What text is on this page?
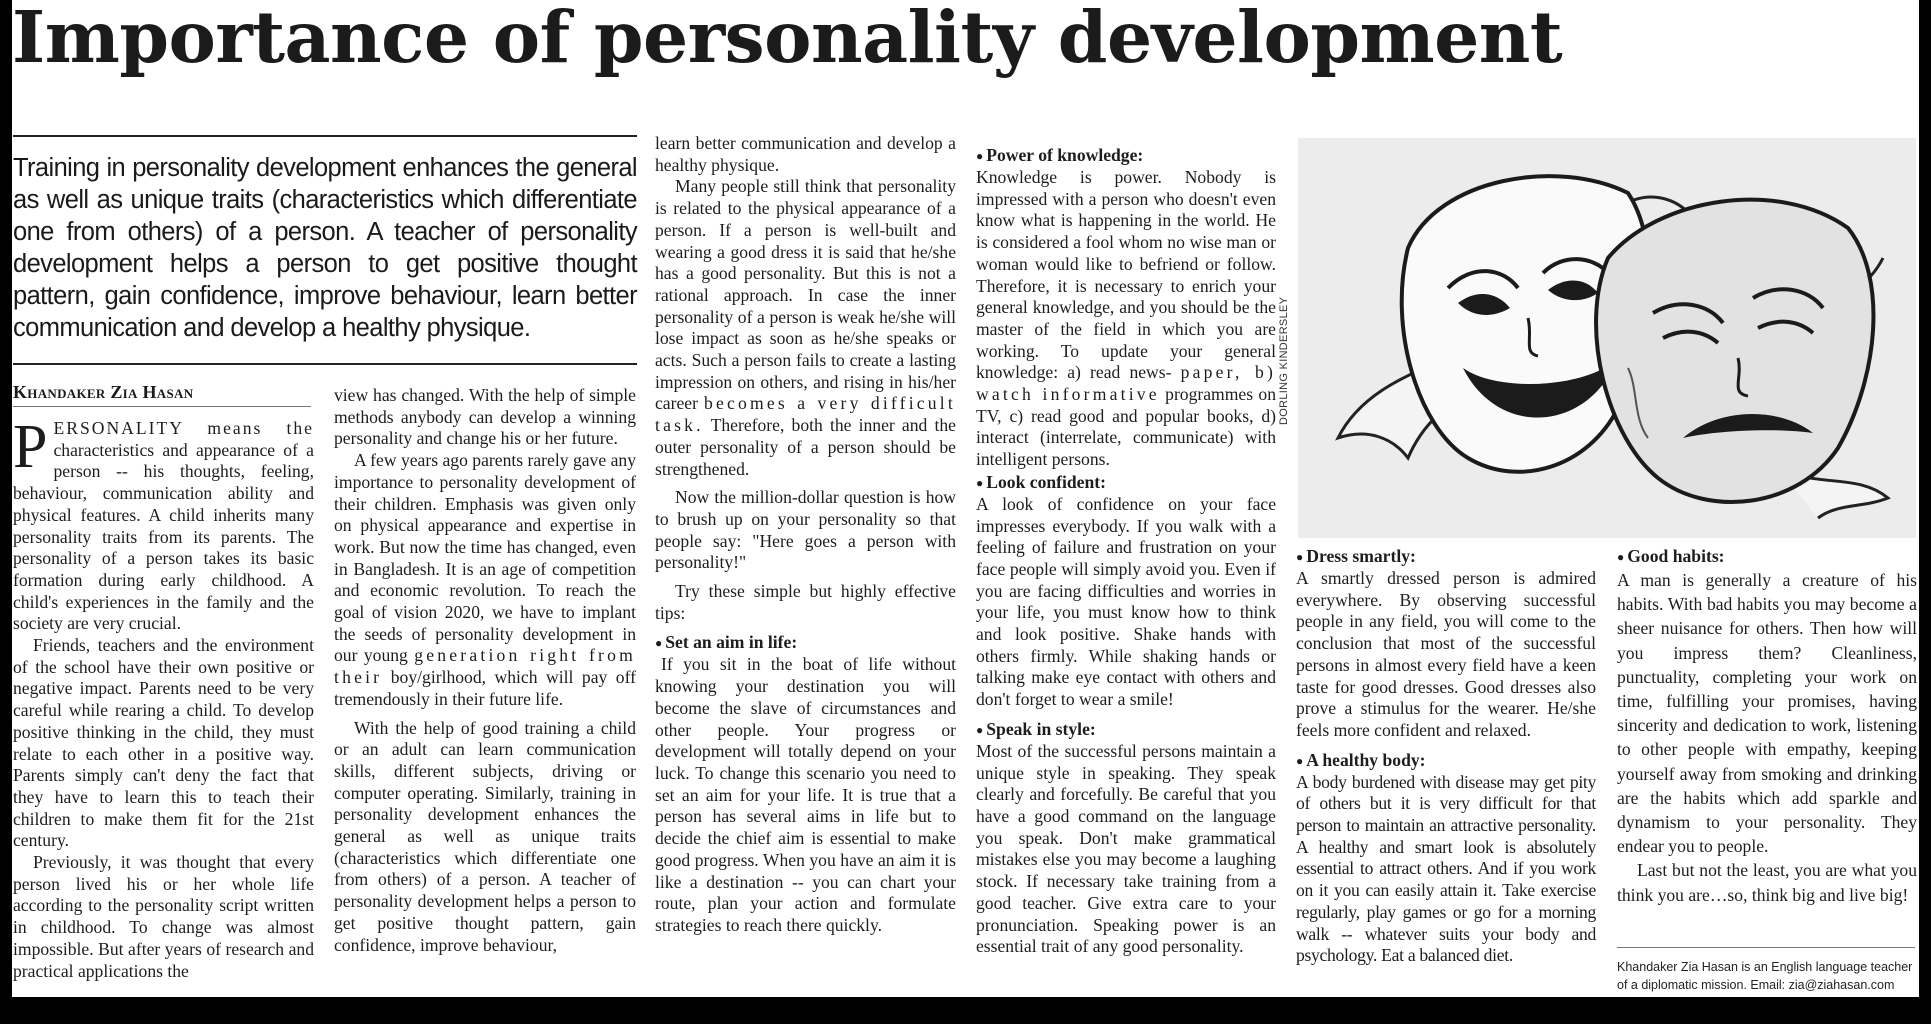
Importance of personality development

Training in personality development enhances the general as well as unique traits (characteristics which differentiate one from others) of a person. A teacher of personality development helps a person to get positive thought pattern, gain confidence, improve behaviour, learn better communication and develop a healthy physique.

Khandaker Zia Hasan

PERSONALITY means the characteristics and appearance of a person -- his thoughts, feeling, behaviour, communication ability and physical features. A child inherits many personality traits from its parents. The personality of a person takes its basic formation during early childhood. A child's experiences in the family and the society are very crucial.

Friends, teachers and the environment of the school have their own positive or negative impact. Parents need to be very careful while rearing a child. To develop positive thinking in the child, they must relate to each other in a positive way. Parents simply can't deny the fact that they have to learn this to teach their children to make them fit for the 21st century.

Previously, it was thought that every person lived his or her whole life according to the personality script written in childhood. To change was almost impossible. But after years of research and practical applications the

view has changed. With the help of simple methods anybody can develop a winning personality and change his or her future.

A few years ago parents rarely gave any importance to personality development of their children. Emphasis was given only on physical appearance and expertise in work. But now the time has changed, even in Bangladesh. It is an age of competition and economic revolution. To reach the goal of vision 2020, we have to implant the seeds of personality development in our young generation right from their boy/girlhood, which will pay off tremendously in their future life.

With the help of good training a child or an adult can learn communication skills, different subjects, driving or computer operating. Similarly, training in personality development enhances the general as well as unique traits (characteristics which differentiate one from others) of a person. A teacher of personality development helps a person to get positive thought pattern, gain confidence, improve behaviour,

learn better communication and develop a healthy physique.

Many people still think that personality is related to the physical appearance of a person. If a person is well-built and wearing a good dress it is said that he/she has a good personality. But this is not a rational approach. In case the inner personality of a person is weak he/she will lose impact as soon as he/she speaks or acts. Such a person fails to create a lasting impression on others, and rising in his/her career becomes a very difficult task. Therefore, both the inner and the outer personality of a person should be strengthened.

Now the million-dollar question is how to brush up on your personality so that people say: "Here goes a person with personality!"

Try these simple but highly effective tips:

● Set an aim in life:

If you sit in the boat of life without knowing your destination you will become the slave of circumstances and other people. Your progress or development will totally depend on your luck. To change this scenario you need to set an aim for your life. It is true that a person has several aims in life but to decide the chief aim is essential to make good progress. When you have an aim it is like a destination -- you can chart your route, plan your action and formulate strategies to reach there quickly.

● Power of knowledge:

Knowledge is power. Nobody is impressed with a person who doesn't even know what is happening in the world. He is considered a fool whom no wise man or woman would like to befriend or follow. Therefore, it is necessary to enrich your general knowledge, and you should be the master of the field in which you are working. To update your general knowledge: a) read news- paper, b) watch informative programmes on TV, c) read good and popular books, d) interact (interrelate, communicate) with intelligent persons.

● Look confident:

A look of confidence on your face impresses everybody. If you walk with a feeling of failure and frustration on your face people will simply avoid you. Even if you are facing difficulties and worries in your life, you must know how to think and look positive. Shake hands with others firmly. While shaking hands or talking make eye contact with others and don't forget to wear a smile!

● Speak in style:

Most of the successful persons maintain a unique style in speaking. They speak clearly and forcefully. Be careful that you have a good command on the language you speak. Don't make grammatical mistakes else you may become a laughing stock. If necessary take training from a good teacher. Give extra care to your pronunciation. Speaking power is an essential trait of any good personality.

DORLING KINDERSLEY
● Dress smartly:

A smartly dressed person is admired everywhere. By observing successful people in any field, you will come to the conclusion that most of the successful persons in almost every field have a keen taste for good dresses. Good dresses also prove a stimulus for the wearer. He/she feels more confident and relaxed.

● A healthy body:

A body burdened with disease may get pity of others but it is very difficult for that person to maintain an attractive personality. A healthy and smart look is absolutely essential to attract others. And if you work on it you can easily attain it. Take exercise regularly, play games or go for a morning walk -- whatever suits your body and psychology. Eat a balanced diet.

● Good habits:

A man is generally a creature of his habits. With bad habits you may become a sheer nuisance for others. Then how will you impress them? Cleanliness, punctuality, completing your work on time, fulfilling your promises, having sincerity and dedication to work, listening to other people with empathy, keeping yourself away from smoking and drinking are the habits which add sparkle and dynamism to your personality. They endear you to people.

Last but not the least, you are what you think you are…so, think big and live big!

Khandaker Zia Hasan is an English language teacher of a diplomatic mission. Email: zia@ziahasan.com
